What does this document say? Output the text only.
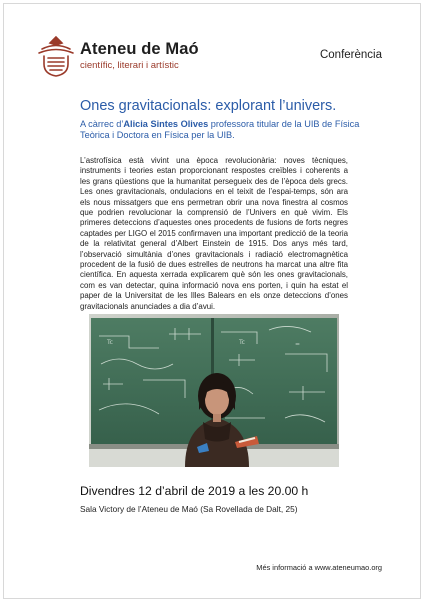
Ateneu de Maó
científic, literari i artístic
Conferència
Ones gravitacionals: explorant l’univers.
A càrrec d’Alicia Sintes Olives professora titular de la UIB de Física Teòrica i Doctora en Física per la UIB.
L’astrofísica està vivint una època revolucionària: noves tècniques, instruments i teories estan proporcionant respostes creïbles i coherents a les grans qüestions que la humanitat persegueix des de l’època dels grecs. Les ones gravitacionals, ondulacions en el teixit de l’espai-temps, són ara els nous missatgers que ens permetran obrir una nova finestra al cosmos que podrien revolucionar la comprensió de l’Univers en què vivim. Els primeres deteccions d’aquestes ones procedents de fusions de forts negres captades per LIGO el 2015 confirmaven una important predicció de la teoria de la relativitat general d’Albert Einstein de 1915. Dos anys més tard, l’observació simultània d’ones gravitacionals i radiació electromagnètica procedent de la fusió de dues estrelles de neutrons ha marcat una altre fita científica. En aquesta xerrada explicarem què són les ones gravitacionals, com es van detectar, quina informació nova ens porten, i quin ha estat el paper de la Universitat de les Illes Balears en els onze deteccions d’ones gravitacionals anunciades a dia d’avui.
Tc	Tc	=
Divendres 12 d’abril de 2019 a les 20.00 h
Sala Victory de l’Ateneu de Maó (Sa Rovellada de Dalt, 25)
Més informació a www.ateneumao.org
